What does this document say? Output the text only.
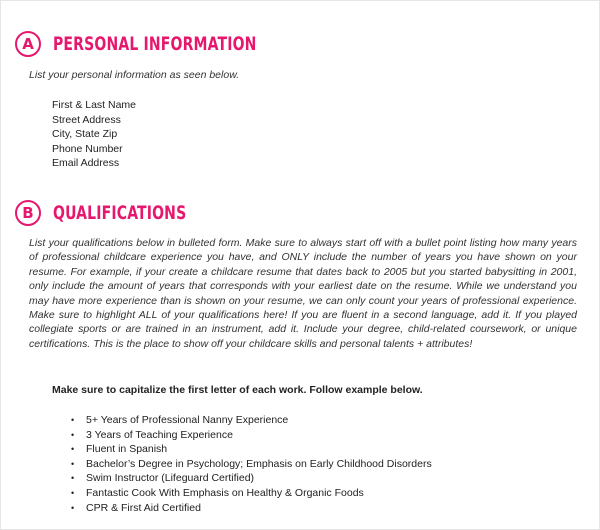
A	PERSONAL INFORMATION
List your personal information as seen below.
First & Last Name
Street Address
City, State Zip
Phone Number
Email Address
B	QUALIFICATIONS

List your qualifications below in bulleted form. Make sure to always start off with a bullet point listing how many years of professional childcare experience you have, and ONLY include the number of years you have shown on your resume. For example, if your create a childcare resume that dates back to 2005 but you started babysitting in 2001, only include the amount of years that corresponds with your earliest date on the resume. While we understand you may have more experience than is shown on your resume, we can only count your years of professional experience. Make sure to highlight ALL of your qualifications here! If you are fluent in a second language, add it. If you played collegiate sports or are trained in an instrument, add it. Include your degree, child-related coursework, or unique certifications. This is the place to show off your childcare skills and personal talents + attributes!

Make sure to capitalize the first letter of each work. Follow example below.
• 5+ Years of Professional Nanny Experience
• 3 Years of Teaching Experience
• Fluent in Spanish
• Bachelor’s Degree in Psychology; Emphasis on Early Childhood Disorders
• Swim Instructor (Lifeguard Certified)
• Fantastic Cook With Emphasis on Healthy & Organic Foods
• CPR & First Aid Certified
